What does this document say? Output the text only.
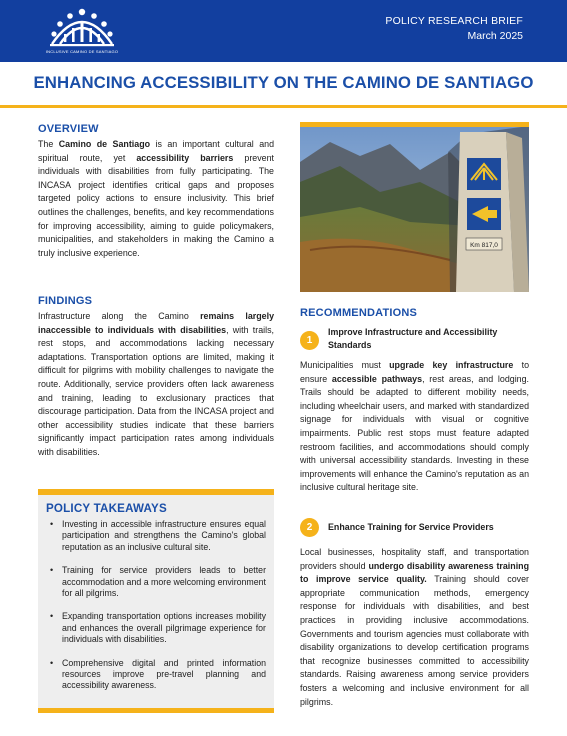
INCLUSIVE CAMINO DE SANTIAGO
POLICY RESEARCH BRIEF
March 2025
ENHANCING ACCESSIBILITY ON THE CAMINO DE SANTIAGO
OVERVIEW
The Camino de Santiago is an important cultural and spiritual route, yet accessibility barriers prevent individuals with disabilities from fully participating. The INCASA project identifies critical gaps and proposes targeted policy actions to ensure inclusivity. This brief outlines the challenges, benefits, and key recommendations for improving accessibility, aiming to guide policymakers, municipalities, and stakeholders in making the Camino a truly inclusive experience.
FINDINGS
Infrastructure along the Camino remains largely inaccessible to individuals with disabilities, with trails, rest stops, and accommodations lacking necessary adaptations. Transportation options are limited, making it difficult for pilgrims with mobility challenges to navigate the route. Additionally, service providers often lack awareness and training, leading to exclusionary practices that discourage participation. Data from the INCASA project and other accessibility studies indicate that these barriers significantly impact participation rates among individuals with disabilities.
POLICY TAKEAWAYS
• Investing in accessible infrastructure ensures equal participation and strengthens the Camino's global reputation as an inclusive cultural site.
• Training for service providers leads to better accommodation and a more welcoming environment for all pilgrims.
• Expanding transportation options increases mobility and enhances the overall pilgrimage experience for individuals with disabilities.
• Comprehensive digital and printed information resources improve pre-travel planning and accessibility awareness.
Km 817,0
RECOMMENDATIONS
1
Improve Infrastructure and Accessibility Standards
Municipalities must upgrade key infrastructure to ensure accessible pathways, rest areas, and lodging. Trails should be adapted to different mobility needs, including wheelchair users, and marked with standardized signage for individuals with visual or cognitive impairments. Public rest stops must feature adapted restroom facilities, and accommodations should comply with universal accessibility standards. Investing in these improvements will enhance the Camino's reputation as an inclusive cultural heritage site.
2	Enhance Training for Service Providers
Local businesses, hospitality staff, and transportation providers should undergo disability awareness training to improve service quality. Training should cover appropriate communication methods, emergency response for individuals with disabilities, and best practices in providing inclusive accommodations. Governments and tourism agencies must collaborate with disability organizations to develop certification programs that recognize businesses committed to accessibility standards. Raising awareness among service providers fosters a welcoming and inclusive environment for all pilgrims.
